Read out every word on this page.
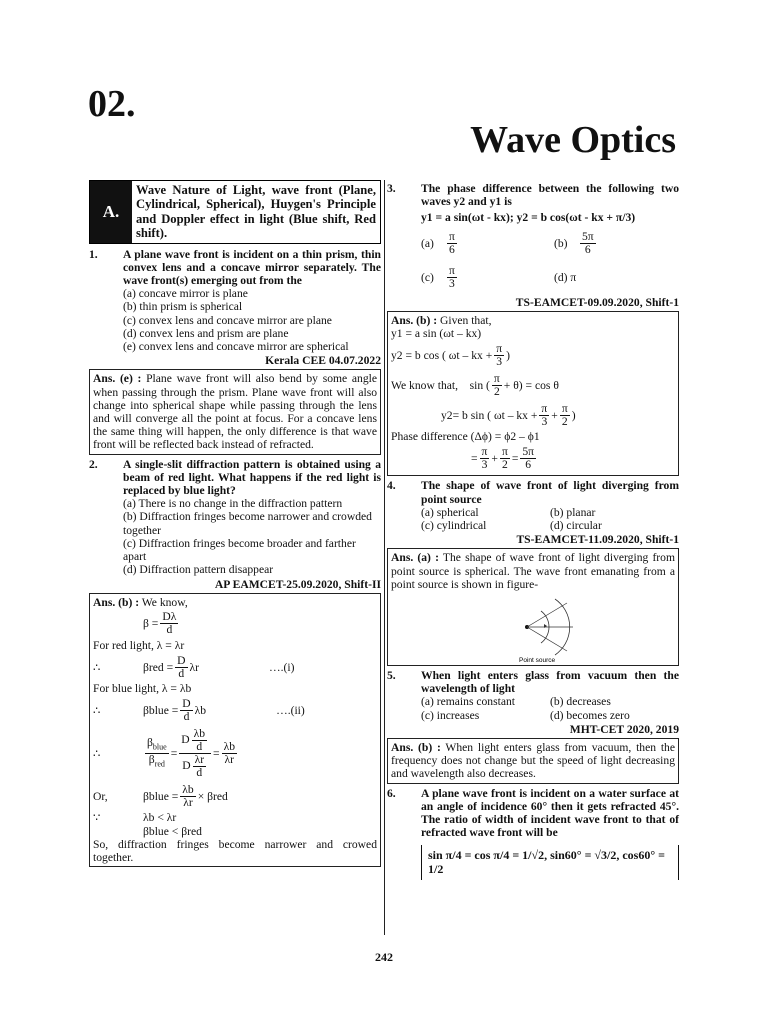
02.
Wave Optics
A.
Wave Nature of Light, wave front (Plane, Cylindrical, Spherical), Huygen's Principle and Doppler effect in light (Blue shift, Red shift).
1.	A plane wave front is incident on a thin prism, thin convex lens and a concave mirror separately. The wave front(s) emerging out from the
(a) concave mirror is plane
(b) thin prism is spherical
(c) convex lens and concave mirror are plane
(d) convex lens and prism are plane
(e) convex lens and concave mirror are spherical
Kerala CEE 04.07.2022
Ans. (e) : Plane wave front will also bend by some angle when passing through the prism. Plane wave front will also change into spherical shape while passing through the lens and will converge all the point at focus. For a concave lens the same thing will happen, the only difference is that wave front will be reflected back instead of refracted.
2.	A single-slit diffraction pattern is obtained using a beam of red light. What happens if the red light is replaced by blue light?
(a) There is no change in the diffraction pattern
(b) Diffraction fringes become narrower and crowded together
(c) Diffraction fringes become broader and farther apart
(d) Diffraction pattern disappear
AP EAMCET-25.09.2020, Shift-II
Ans. (b) : We know,
$\beta = \frac{D\lambda}{d}$
For red light, λ = λr
∴	$\beta red = \frac{D}{d}$ λr	….(i)
For blue light, λ = λb
∴	βblue = $\frac{D}{d}$ λb	….(ii)
∴	$\frac{\beta_{blue}}{\beta_{red}} = \frac{D \frac{\lambda b}{d}}{D \frac{\lambda r}{d}} = \frac{\lambda b}{\lambda r}$
Or,	βblue = $\frac{\lambda b}{\lambda r} \times \beta red$
∵	λb < λr
βblue < βred
So, diffraction fringes become narrower and crowed together.
3.	The phase difference between the following two waves y2 and y1 is
y1 = a sin(ωt - kx); y2 = b cos(ωt - kx + π/3)
(a)	$\frac{\pi}{6}$	(b)	$\frac{5\pi}{6}$
(c)	$\frac{\pi}{3}$	(d) π
TS-EAMCET-09.09.2020, Shift-1
Ans. (b) : Given that,
y1 = a sin (ωt – kx)
y2 = b cos ( ωt – kx + $\frac{\pi}{3}$ )
We know that,
sin ( $\frac{\pi}{2} + \theta$ ) = cos θ
y2= b sin ( ωt – kx + $\frac{\pi}{3} + \frac{\pi}{2}$ )
Phase difference (Δϕ) = ϕ2 – ϕ1
= $\frac{\pi}{3} + \frac{\pi}{2} = \frac{5\pi}{6}$
4.	The shape of wave front of light diverging from point source
(a) spherical	(b) planar
(c) cylindrical	(d) circular
TS-EAMCET-11.09.2020, Shift-1
Ans. (a) : The shape of wave front of light diverging from point source is spherical. The wave front emanating from a point source is shown in figure-
Point source
5.	When light enters glass from vacuum then the wavelength of light
(a) remains constant	(b) decreases
(c) increases	(d) becomes zero
MHT-CET 2020, 2019
Ans. (b) : When light enters glass from vacuum, then the frequency does not change but the speed of light decreasing and wavelength also decreases.
6.	A plane wave front is incident on a water surface at an angle of incidence 60° then it gets refracted 45°. The ratio of width of incident wave front to that of refracted wave front will be
sin π/4 = cos π/4 = 1/√2, sin60° = √3/2, cos60° = 1/2
242
